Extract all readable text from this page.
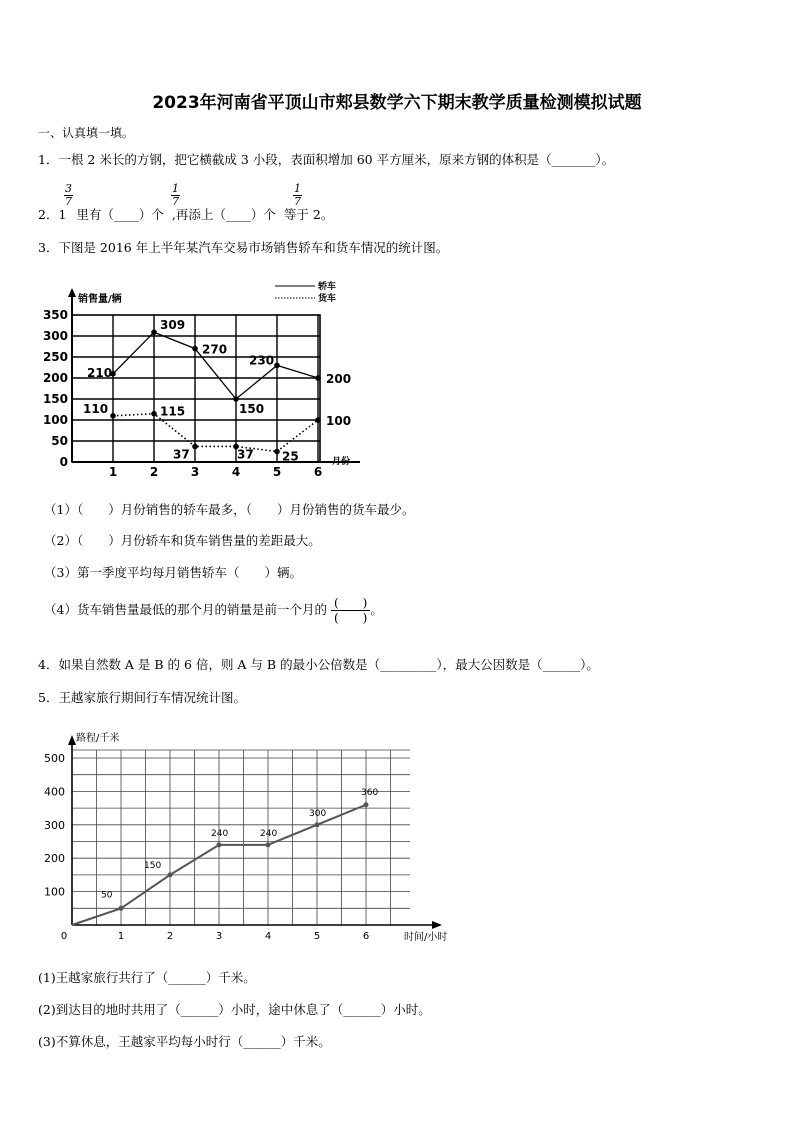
2023年河南省平顶山市郏县数学六下期末教学质量检测模拟试题
一、认真填一填。
1．一根 2 米长的方钢，把它横截成 3 小段，表面积增加 60 平方厘米，原来方钢的体积是（_______）。
2．1 里有（____）个 ,再添上（____）个 等于 2。
$\frac{3}{7}$	$\frac{1}{7}$	$\frac{1}{7}$
3．下图是 2016 年上半年某汽车交易市场销售轿车和货车情况的统计图。
0
50
100
150
200
250
300
350
1	2	3	4	5	6
销售量/辆
月份
轿车
货车
210
309
270
150
230
200
110	115
37	37 25
100
（1）（　　）月份销售的轿车最多，（　　）月份销售的货车最少。
（2）（　　）月份轿车和货车销售量的差距最大。
（3）第一季度平均每月销售轿车（　　）辆。
（4）货车销售量最低的那个月的销量是前一个月的 $\frac{( )}{( )}$ 。
4．如果自然数 A 是 B 的 6 倍，则 A 与 B 的最小公倍数是（_________），最大公因数是（______）。
5．王越家旅行期间行车情况统计图。
路程/千米
时间/小时
100
200
300
400
500
0	1	2	3	4	5	6
50
150
240	240
300
360
(1)王越家旅行共行了（______）千米。
(2)到达目的地时共用了（______）小时，途中休息了（______）小时。
(3)不算休息，王越家平均每小时行（______）千米。
